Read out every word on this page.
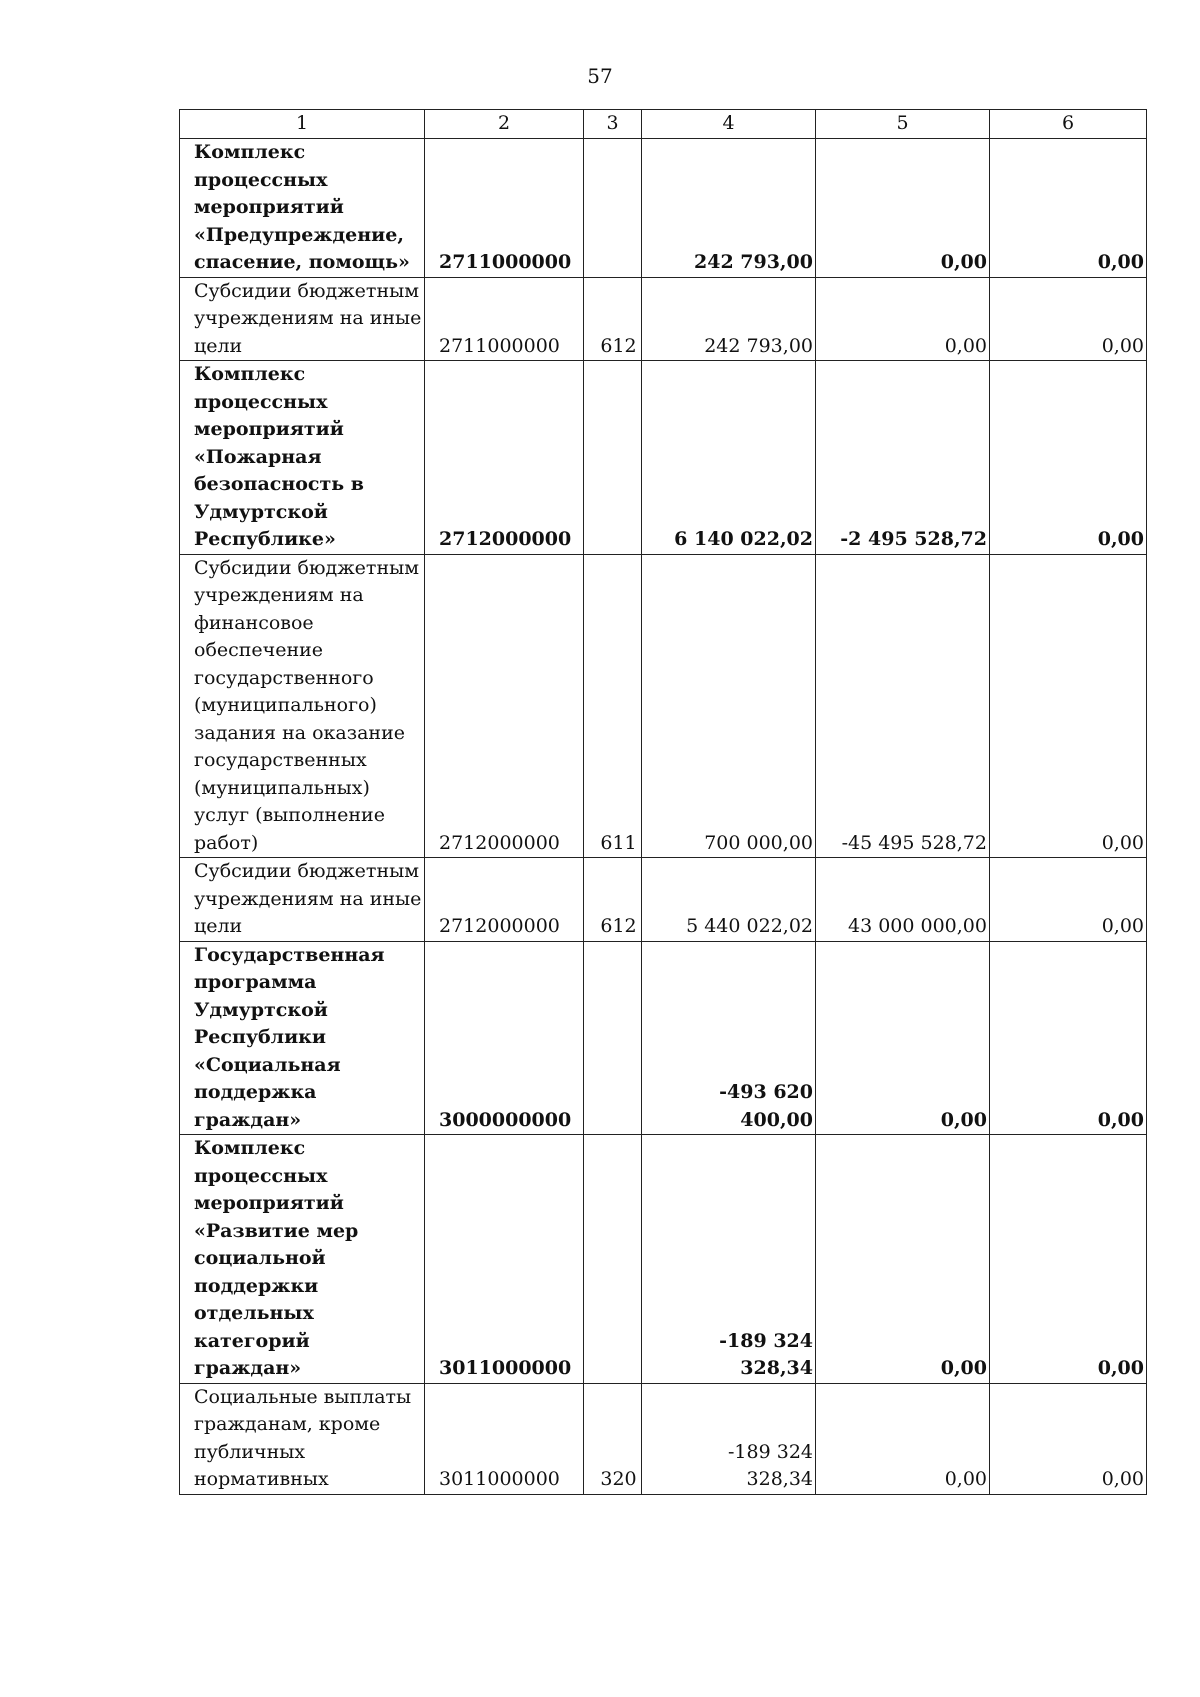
57
1	2	3	4	5	6
Комплекс процессных мероприятий «Предупреждение, спасение, помощь»	2711000000		242 793,00	0,00	0,00
Субсидии бюджетным учреждениям на иные цели	2711000000	612	242 793,00	0,00	0,00
Комплекс процессных мероприятий «Пожарная безопасность в Удмуртской Республике»	2712000000		6 140 022,02	-2 495 528,72	0,00
Субсидии бюджетным учреждениям на финансовое обеспечение государственного (муниципального) задания на оказание государственных (муниципальных) услуг (выполнение работ)	2712000000	611	700 000,00	-45 495 528,72	0,00
Субсидии бюджетным учреждениям на иные цели	2712000000	612	5 440 022,02	43 000 000,00	0,00
Государственная программа Удмуртской Республики «Социальная поддержка граждан»	3000000000		-493 620 400,00	0,00	0,00
Комплекс процессных мероприятий «Развитие мер социальной поддержки отдельных категорий граждан»	3011000000		-189 324 328,34	0,00	0,00
Социальные выплаты гражданам, кроме публичных нормативных	3011000000	320	-189 324 328,34	0,00	0,00
